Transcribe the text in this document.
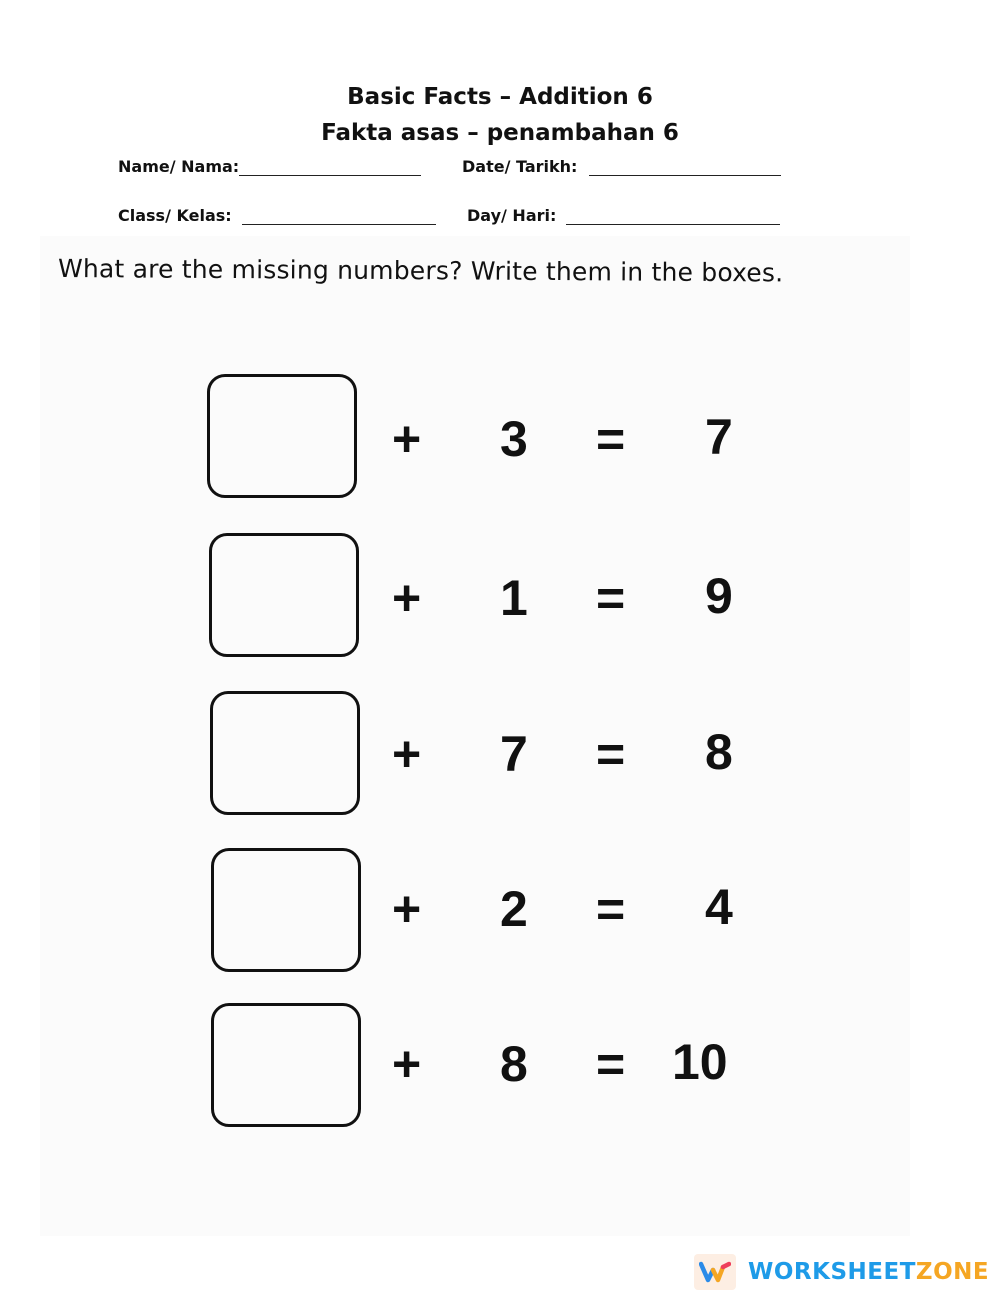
Basic Facts – Addition 6
Fakta asas – penambahan 6
Name/ Nama:	Date/ Tarikh:
Class/ Kelas:	Day/ Hari:
What are the missing numbers? Write them in the boxes.
+ 3 = 7
+ 1 = 9
+ 7 = 8
+ 2 = 4
+ 8 = 10
WORKSHEET ZONE
